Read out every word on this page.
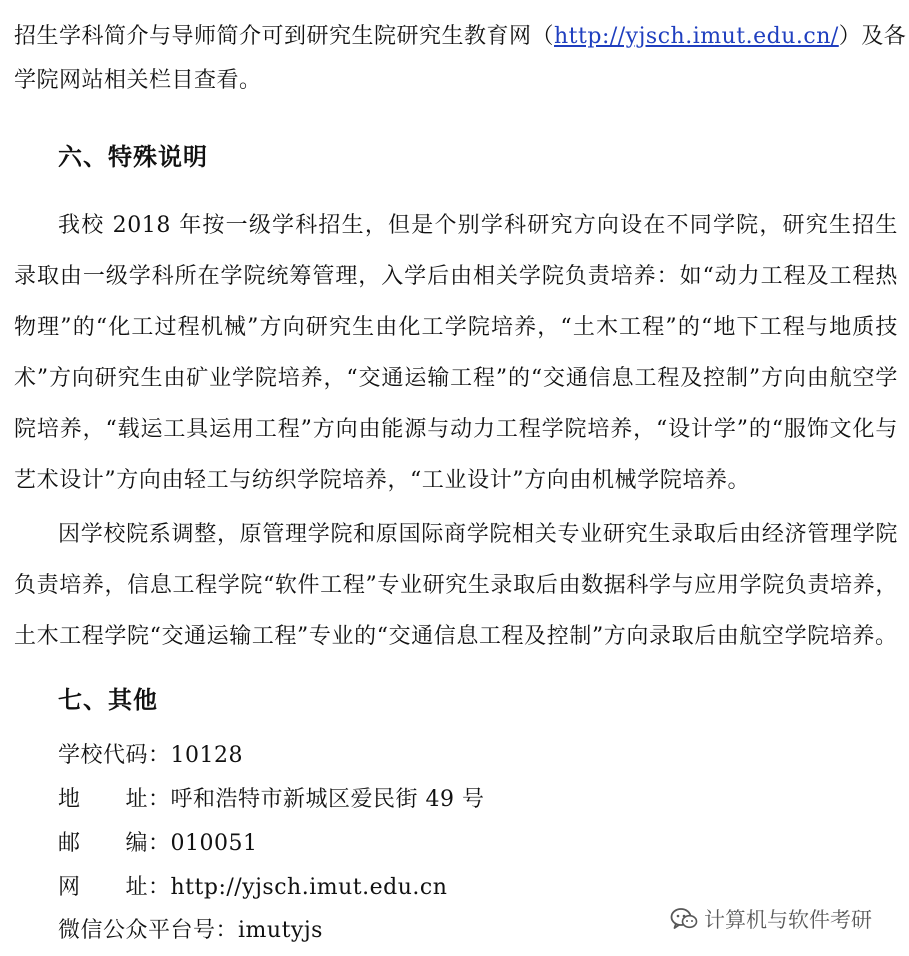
招生学科简介与导师简介可到研究生院研究生教育网（http://yjsch.imut.edu.cn/）及各
学院网站相关栏目查看。
六、特殊说明
我校 2018 年按一级学科招生，但是个别学科研究方向设在不同学院，研究生招生录取由一级学科所在学院统筹管理，入学后由相关学院负责培养：如“动力工程及工程热物理”的“化工过程机械”方向研究生由化工学院培养，“土木工程”的“地下工程与地质技术”方向研究生由矿业学院培养，“交通运输工程”的“交通信息工程及控制”方向由航空学院培养，“载运工具运用工程”方向由能源与动力工程学院培养，“设计学”的“服饰文化与艺术设计”方向由轻工与纺织学院培养，“工业设计”方向由机械学院培养。
因学校院系调整，原管理学院和原国际商学院相关专业研究生录取后由经济管理学院负责培养，信息工程学院“软件工程”专业研究生录取后由数据科学与应用学院负责培养，土木工程学院“交通运输工程”专业的“交通信息工程及控制”方向录取后由航空学院培养。
七、其他
学校代码：10128
地　　址：呼和浩特市新城区爱民街 49 号
邮　　编：010051
网　　址：http://yjsch.imut.edu.cn
微信公众平台号：imutyjs	计算机与软件考研
